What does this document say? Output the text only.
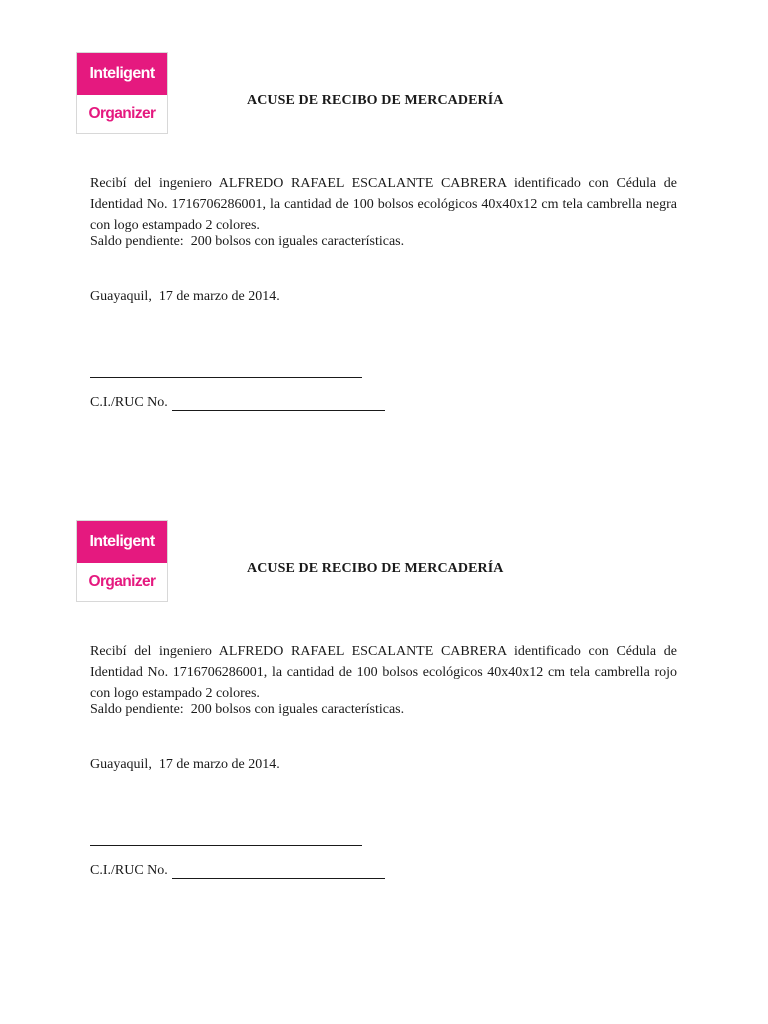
Inteligent
Organizer
ACUSE DE RECIBO DE MERCADERÍA

Recibí del ingeniero ALFREDO RAFAEL ESCALANTE CABRERA identificado con Cédula de Identidad No. 1716706286001, la cantidad de 100 bolsos ecológicos 40x40x12 cm tela cambrella negra con logo estampado 2 colores.

Saldo pendiente:  200 bolsos con iguales características.
Guayaquil,  17 de marzo de 2014.
C.I./RUC No.
Inteligent
Organizer
ACUSE DE RECIBO DE MERCADERÍA

Recibí del ingeniero ALFREDO RAFAEL ESCALANTE CABRERA identificado con Cédula de Identidad No. 1716706286001, la cantidad de 100 bolsos ecológicos 40x40x12 cm tela cambrella rojo con logo estampado 2 colores.

Saldo pendiente:  200 bolsos con iguales características.
Guayaquil,  17 de marzo de 2014.
C.I./RUC No.
